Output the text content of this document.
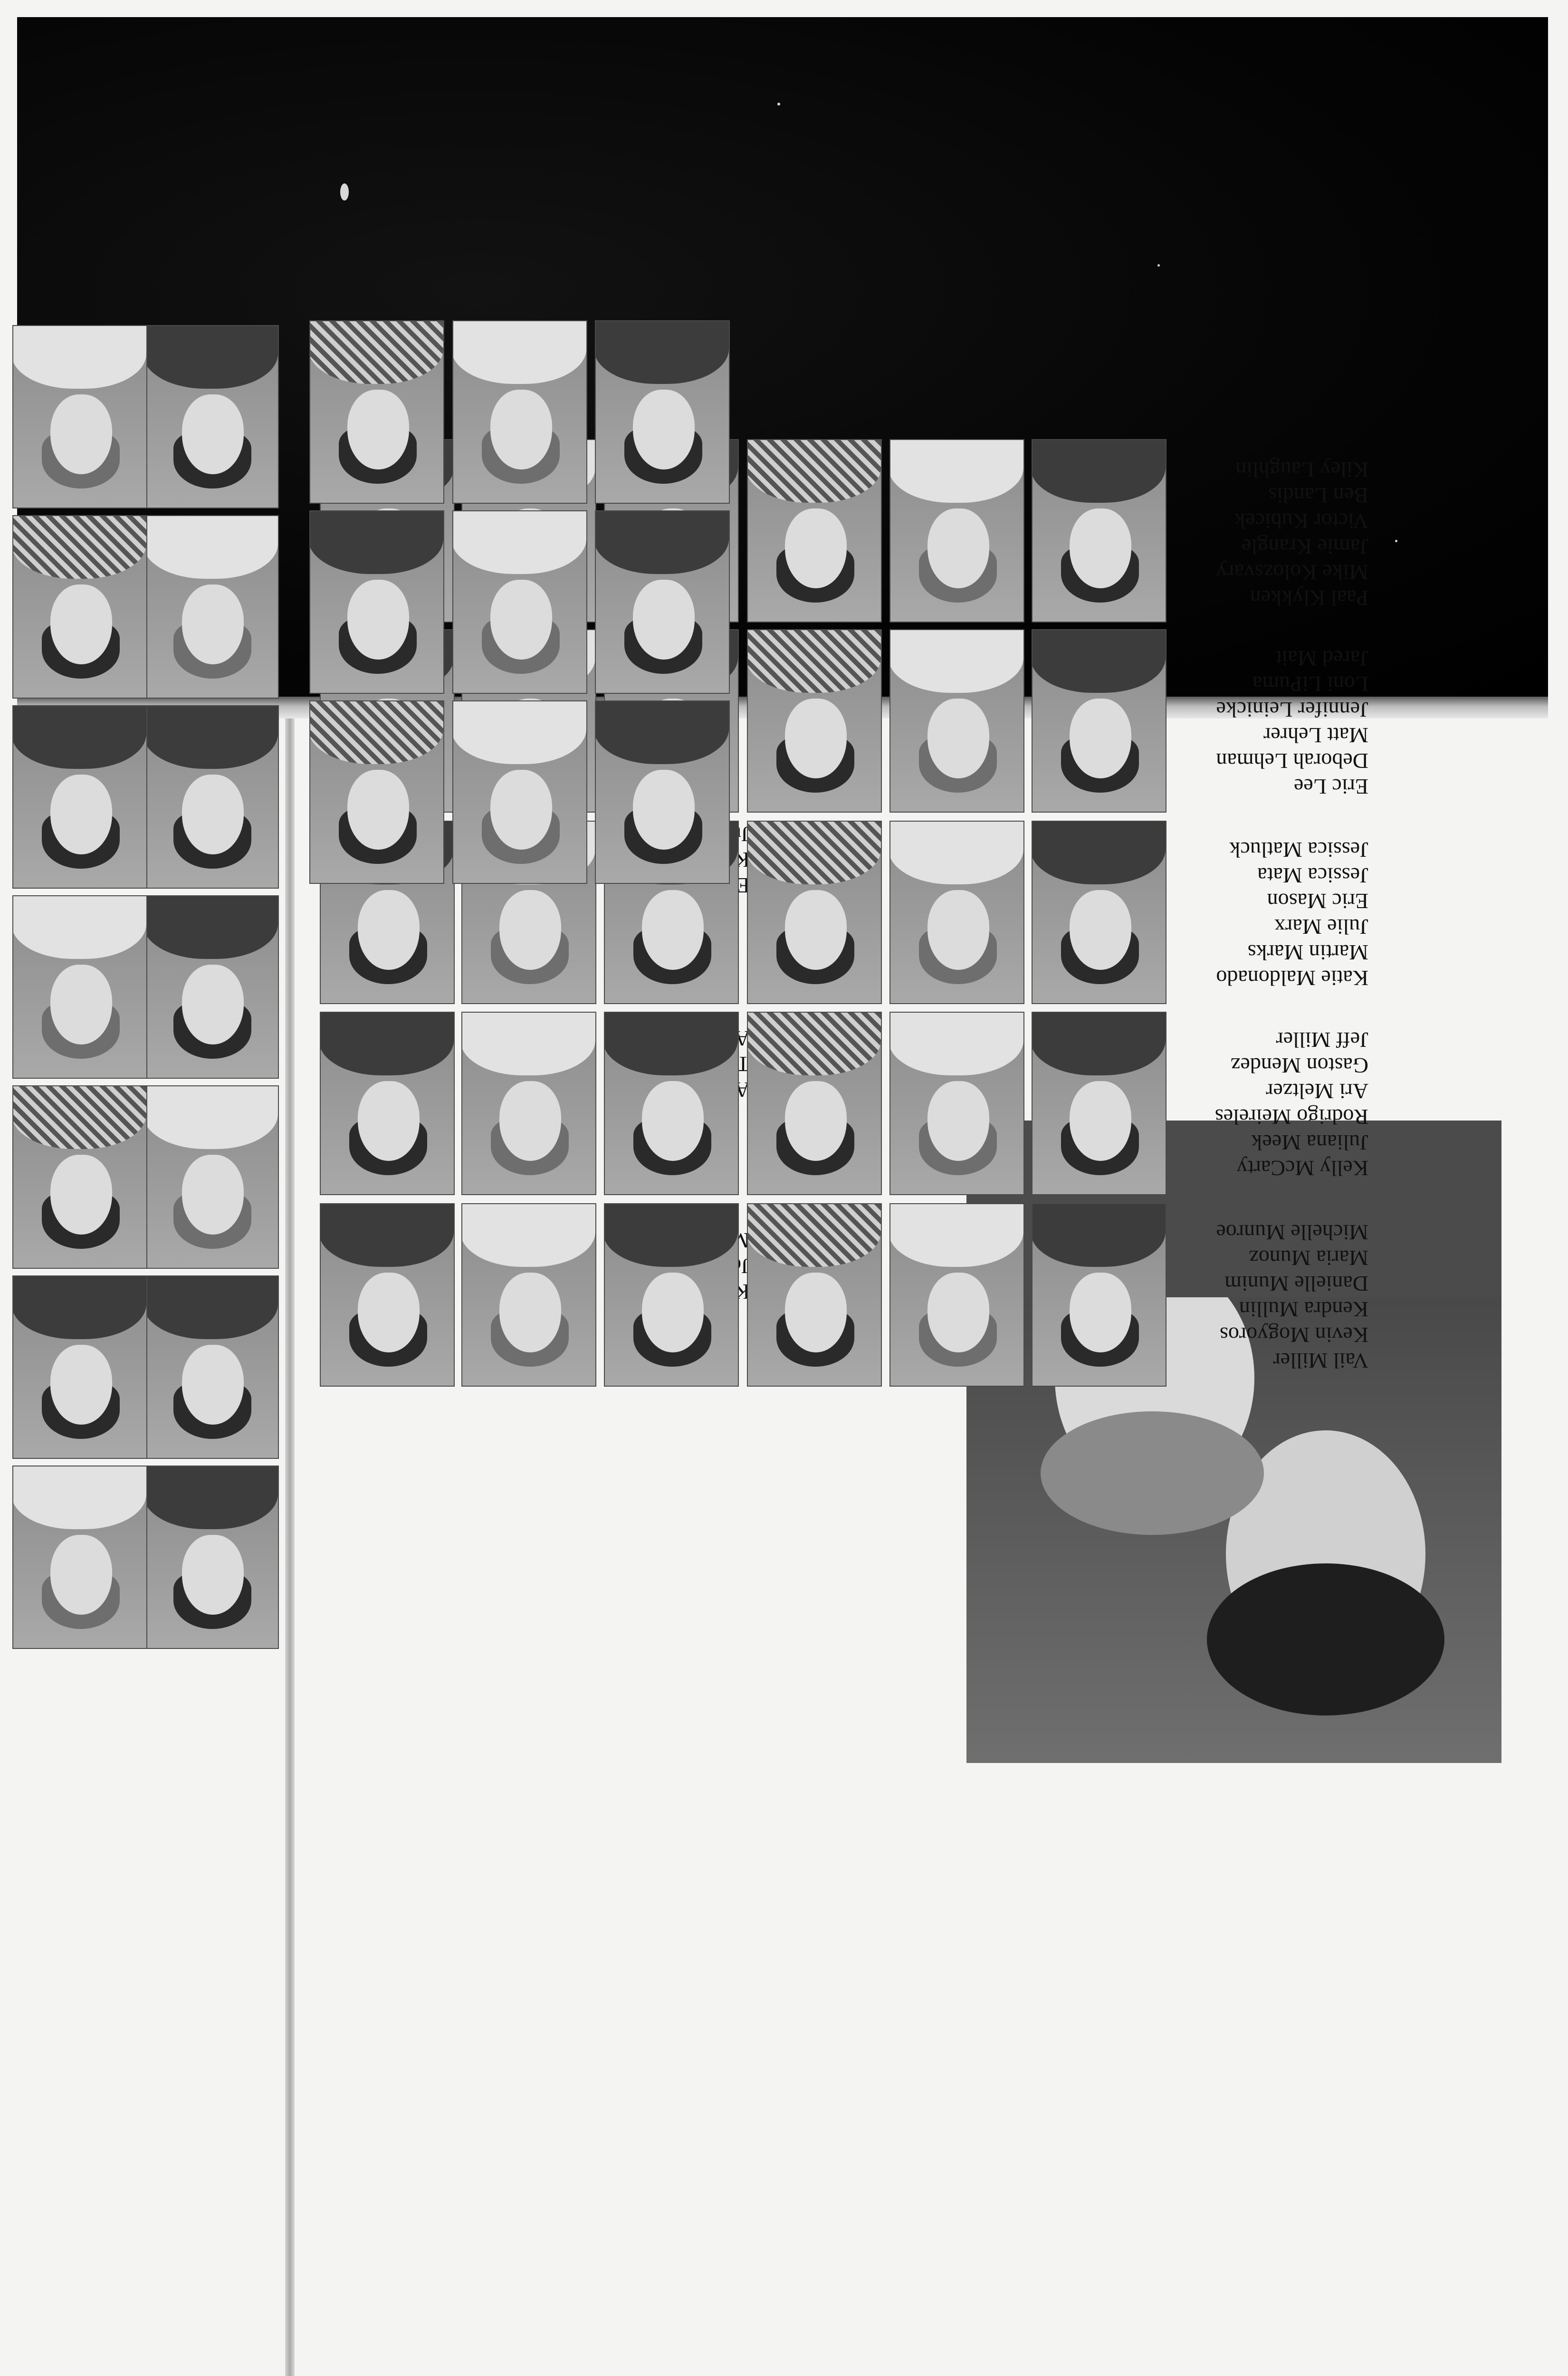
Vail Miller
Kevin Mogyoros
Kendra Mullin
Danielle Munim
Maria Munoz
Michelle Munroe
Kelly McCarty
Juliana Meek
Rodrigo Meireles
Ari Meltzer
Gaston Mendez
Jeff Miller
Katie Maldonado
Martin Marks
Julie Marx
Eric Mason
Jessica Mata
Jessica Matluck
Eric Lee
Deborah Lehman
Matt Lehrer
Jennifer Leinicke
Loni LiPuma
Jared Mait
Paal Klykken
Mike Kolozsvary
Jamie Krangle
Victor Kubicek
Ben Landis
Kiley Laughlin
